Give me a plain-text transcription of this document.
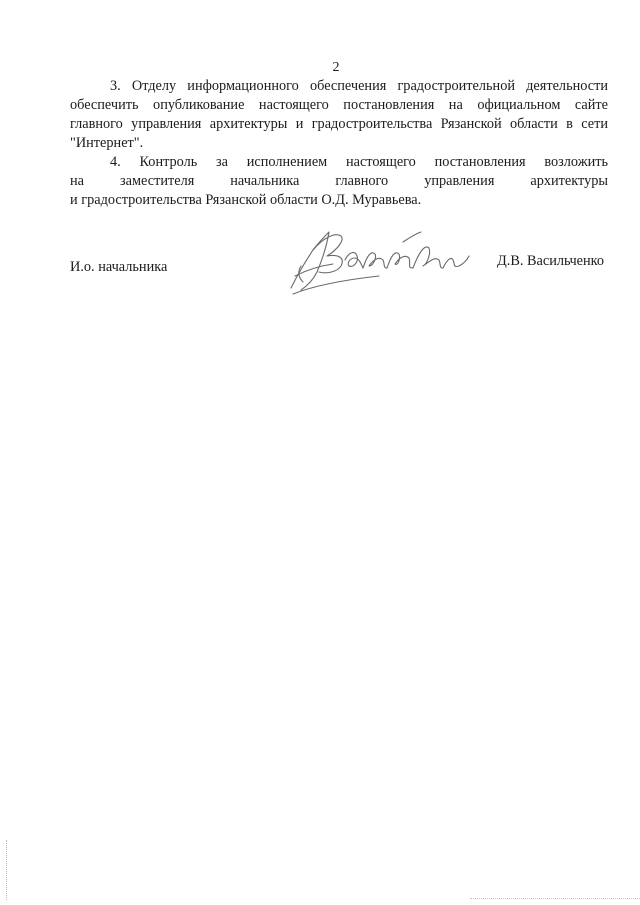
2
3. Отделу информационного обеспечения градостроительной деятельности
обеспечить опубликование настоящего постановления на официальном сайте
главного управления архитектуры и градостроительства Рязанской области в сети
"Интернет".
4. Контроль за исполнением настоящего постановления возложить
на заместителя начальника главного управления архитектуры
и градостроительства Рязанской области О.Д. Муравьева.
И.о. начальника	Д.В. Васильченко
